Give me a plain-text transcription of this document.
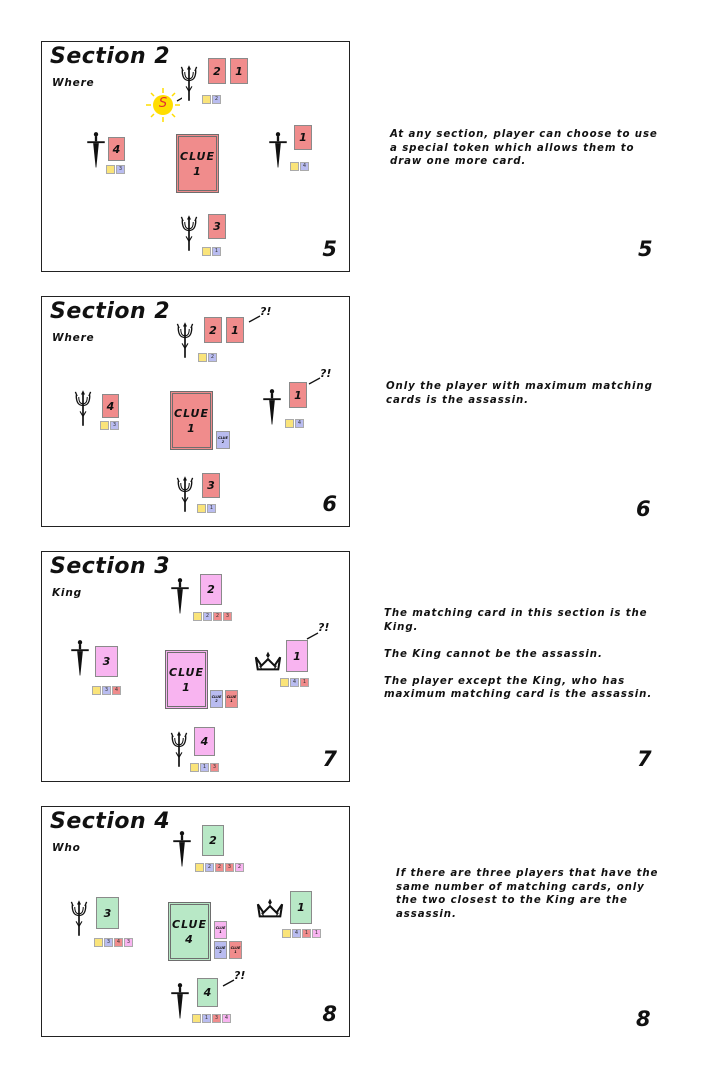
Section 2
Where
2	1
2
S
4
3
CLUE
1
1
4
3
1	5

At any section, player can choose to use a special token which allows them to draw one more card.

5
Section 2
Where
2	1
2
?!
4
3
CLUE
1
CLUE
2
1
4
?!
3
1	6

Only the player with maximum matching cards is the assassin.

6
Section 3
King	2
2	2	3
3
3	4
CLUE
1
CLUE
2
CLUE
1
1
4	1
?!
4
1	3	7

The matching card in this section is the King.

The King cannot be the assassin.

The player except the King, who has maximum matching card is the assassin.

7
Section 4
Who
2
2	2	3	2
3
3	4	3
CLUE
4
CLUE
1
CLUE
2
CLUE
1
1
4	1	1
4
1	3	4
?!
8

If there are three players that have the same number of matching cards, only the two closest to the King are the assassin.

8
